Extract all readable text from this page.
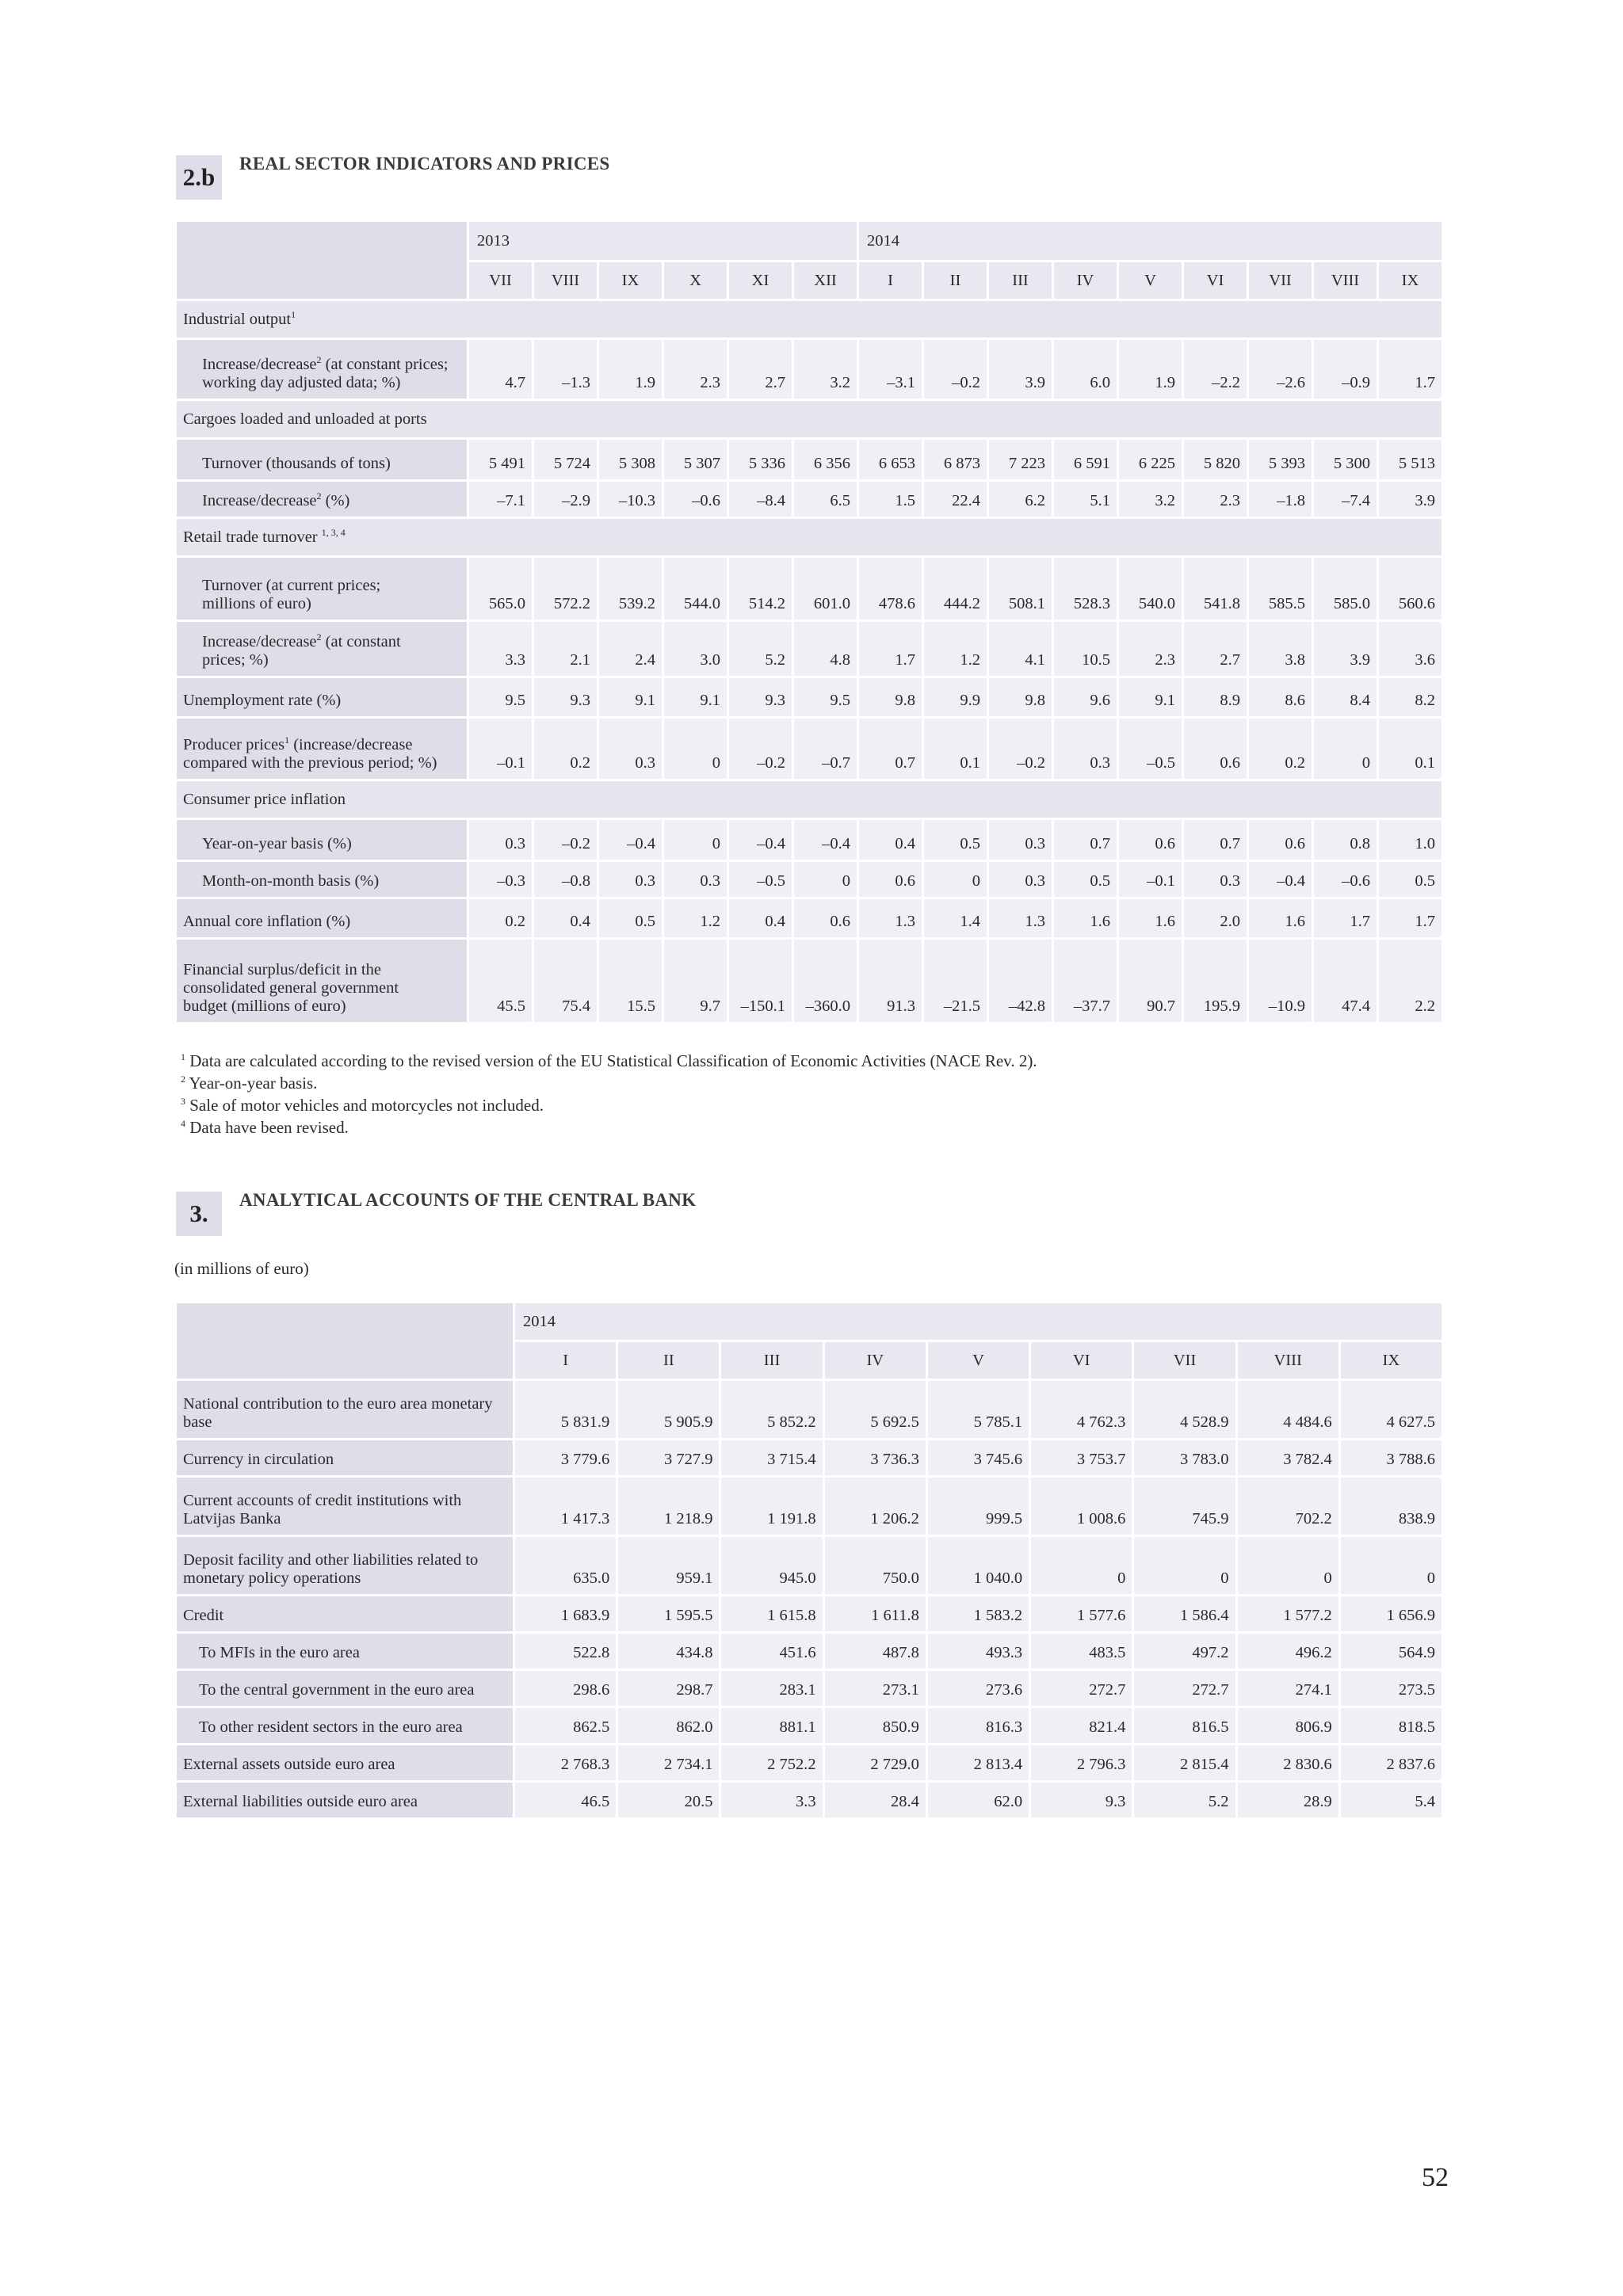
2.b REAL SECTOR INDICATORS AND PRICES
	2013						2014								
	VII	VIII	IX	X	XI	XII	I	II	III	IV	V	VI	VII	VIII	IX
Industrial output$^1$
Increase/decrease$^2$ (at constant prices;
working day adjusted data; %)	4.7	–1.3	1.9	2.3	2.7	3.2	–3.1	–0.2	3.9	6.0	1.9	–2.2	–2.6	–0.9	1.7
Cargoes loaded and unloaded at ports															
Turnover (thousands of tons)	5 491	5 724	5 308	5 307	5 336	6 356	6 653	6 873	7 223	6 591	6 225	5 820	5 393	5 300	5 513
Increase/decrease$^2$ (%)	–7.1	–2.9	–10.3	–0.6	–8.4	6.5	1.5	22.4	6.2	5.1	3.2	2.3	–1.8	–7.4	3.9
Retail trade turnover $^{1, 3, 4}$
Turnover (at current prices;
millions of euro)	565.0	572.2	539.2	544.0	514.2	601.0	478.6	444.2	508.1	528.3	540.0	541.8	585.5	585.0	560.6
Increase/decrease$^2$ (at constant
prices; %)	3.3	2.1	2.4	3.0	5.2	4.8	1.7	1.2	4.1	10.5	2.3	2.7	3.8	3.9	3.6
Unemployment rate (%)	9.5	9.3	9.1	9.1	9.3	9.5	9.8	9.9	9.8	9.6	9.1	8.9	8.6	8.4	8.2
Producer prices$^1$ (increase/decrease
compared with the previous period; %)	–0.1	0.2	0.3	0	–0.2	–0.7	0.7	0.1	–0.2	0.3	–0.5	0.6	0.2	0	0.1
Consumer price inflation															
Year-on-year basis (%)	0.3	–0.2	–0.4	0	–0.4	–0.4	0.4	0.5	0.3	0.7	0.6	0.7	0.6	0.8	1.0
Month-on-month basis (%)	–0.3	–0.8	0.3	0.3	–0.5	0	0.6	0	0.3	0.5	–0.1	0.3	–0.4	–0.6	0.5
Annual core inflation (%)	0.2	0.4	0.5	1.2	0.4	0.6	1.3	1.4	1.3	1.6	1.6	2.0	1.6	1.7	1.7
Financial surplus/deficit in the
consolidated general government
budget (millions of euro)	45.5	75.4	15.5	9.7	–150.1	–360.0	91.3	–21.5	–42.8	–37.7	90.7	195.9	–10.9	47.4	2.2
$^1$ Data are calculated according to the revised version of the EU Statistical Classification of Economic Activities (NACE Rev. 2).
$^2$ Year-on-year basis.
$^3$ Sale of motor vehicles and motorcycles not included.
$^4$ Data have been revised.
3. ANALYTICAL ACCOUNTS OF THE CENTRAL BANK
(in millions of euro)
	2014								
	I	II	III	IV	V	VI	VII	VIII	IX
National contribution to the euro area monetary
base	5 831.9	5 905.9	5 852.2	5 692.5	5 785.1	4 762.3	4 528.9	4 484.6	4 627.5
Currency in circulation	3 779.6	3 727.9	3 715.4	3 736.3	3 745.6	3 753.7	3 783.0	3 782.4	3 788.6
Current accounts of credit institutions with
Latvijas Banka	1 417.3	1 218.9	1 191.8	1 206.2	999.5	1 008.6	745.9	702.2	838.9
Deposit facility and other liabilities related to
monetary policy operations	635.0	959.1	945.0	750.0	1 040.0	0	0	0	0
Credit	1 683.9	1 595.5	1 615.8	1 611.8	1 583.2	1 577.6	1 586.4	1 577.2	1 656.9
To MFIs in the euro area	522.8	434.8	451.6	487.8	493.3	483.5	497.2	496.2	564.9
To the central government in the euro area	298.6	298.7	283.1	273.1	273.6	272.7	272.7	274.1	273.5
To other resident sectors in the euro area	862.5	862.0	881.1	850.9	816.3	821.4	816.5	806.9	818.5
External assets outside euro area	2 768.3	2 734.1	2 752.2	2 729.0	2 813.4	2 796.3	2 815.4	2 830.6	2 837.6
External liabilities outside euro area	46.5	20.5	3.3	28.4	62.0	9.3	5.2	28.9	5.4
52
